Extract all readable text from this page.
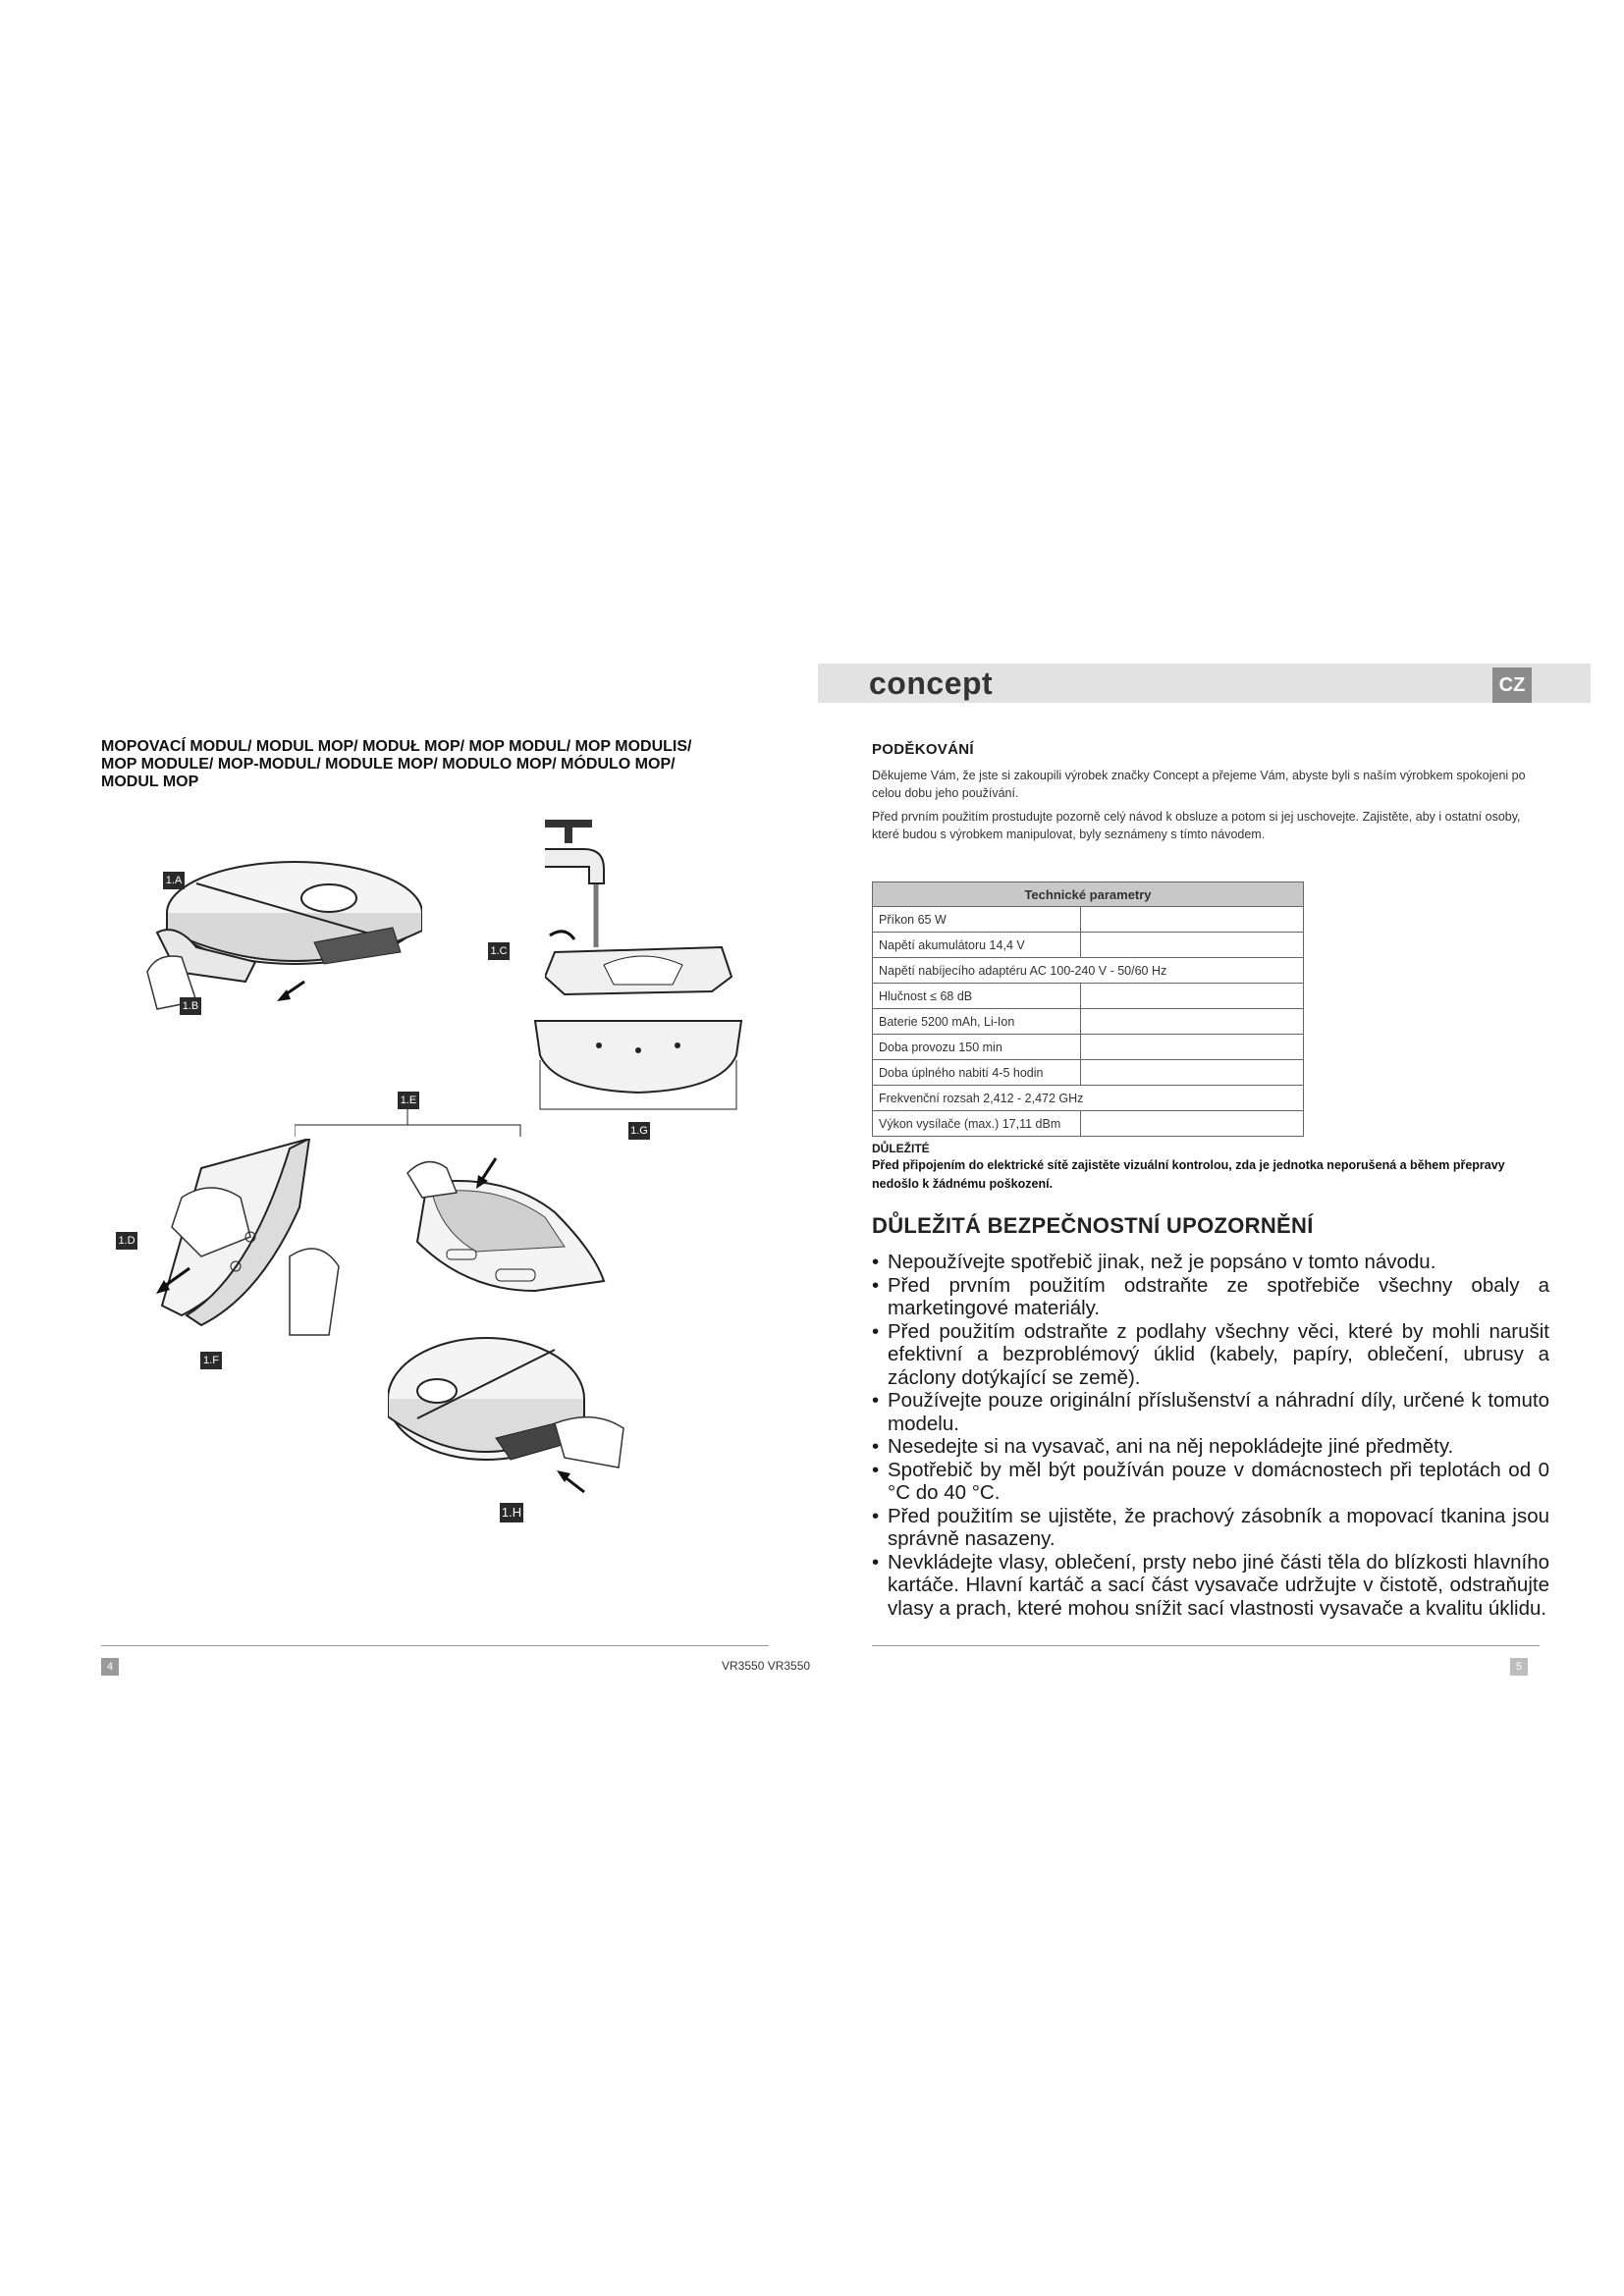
concept	CZ
MOPOVACÍ MODUL/ MODUL MOP/ MODUŁ MOP/ MOP MODUL/ MOP MODULIS/ MOP MODULE/ MOP-MODUL/ MODULE MOP/ MODULO MOP/ MÓDULO MOP/ MODUL MOP
1.A
1.B
1.C
1.G
1.E
1.D
1.F
1.H
PODĚKOVÁNÍ
Děkujeme Vám, že jste si zakoupili výrobek značky Concept a přejeme Vám, abyste byli s naším výrobkem spokojeni po celou dobu jeho používání.
Před prvním použitím prostudujte pozorně celý návod k obsluze a potom si jej uschovejte. Zajistěte, aby i ostatní osoby, které budou s výrobkem manipulovat, byly seznámeny s tímto návodem.
Technické parametry	
Příkon 65 W	
Napětí akumulátoru 14,4 V	
Napětí nabíjecího adaptéru AC 100-240 V - 50/60 Hz	
Hlučnost ≤ 68 dB	
Baterie 5200 mAh, Li-Ion	
Doba provozu 150 min	
Doba úplného nabití 4-5 hodin	
Frekvenční rozsah 2,412 - 2,472 GHz	
Výkon vysílače (max.) 17,11 dBm	
DŮLEŽITÉ
Před připojením do elektrické sítě zajistěte vizuální kontrolou, zda je jednotka neporušená a během přepravy nedošlo k žádnému poškození.
DŮLEŽITÁ BEZPEČNOSTNÍ UPOZORNĚNÍ
• Nepoužívejte spotřebič jinak, než je popsáno v tomto návodu.
• Před prvním použitím odstraňte ze spotřebiče všechny obaly a marketingové materiály.
• Před použitím odstraňte z podlahy všechny věci, které by mohli narušit efektivní a bezproblémový úklid (kabely, papíry, oblečení, ubrusy a záclony dotýkající se země).
• Používejte pouze originální příslušenství a náhradní díly, určené k tomuto modelu.
• Nesedejte si na vysavač, ani na něj nepokládejte jiné předměty.
• Spotřebič by měl být používán pouze v domácnostech při teplotách od 0 °C do 40 °C.
• Před použitím se ujistěte, že prachový zásobník a mopovací tkanina jsou správně nasazeny.
• Nevkládejte vlasy, oblečení, prsty nebo jiné části těla do blízkosti hlavního kartáče. Hlavní kartáč a sací část vysavače udržujte v čistotě, odstraňujte vlasy a prach, které mohou snížit sací vlastnosti vysavače a kvalitu úklidu.
4	VR3550 VR3550	5
